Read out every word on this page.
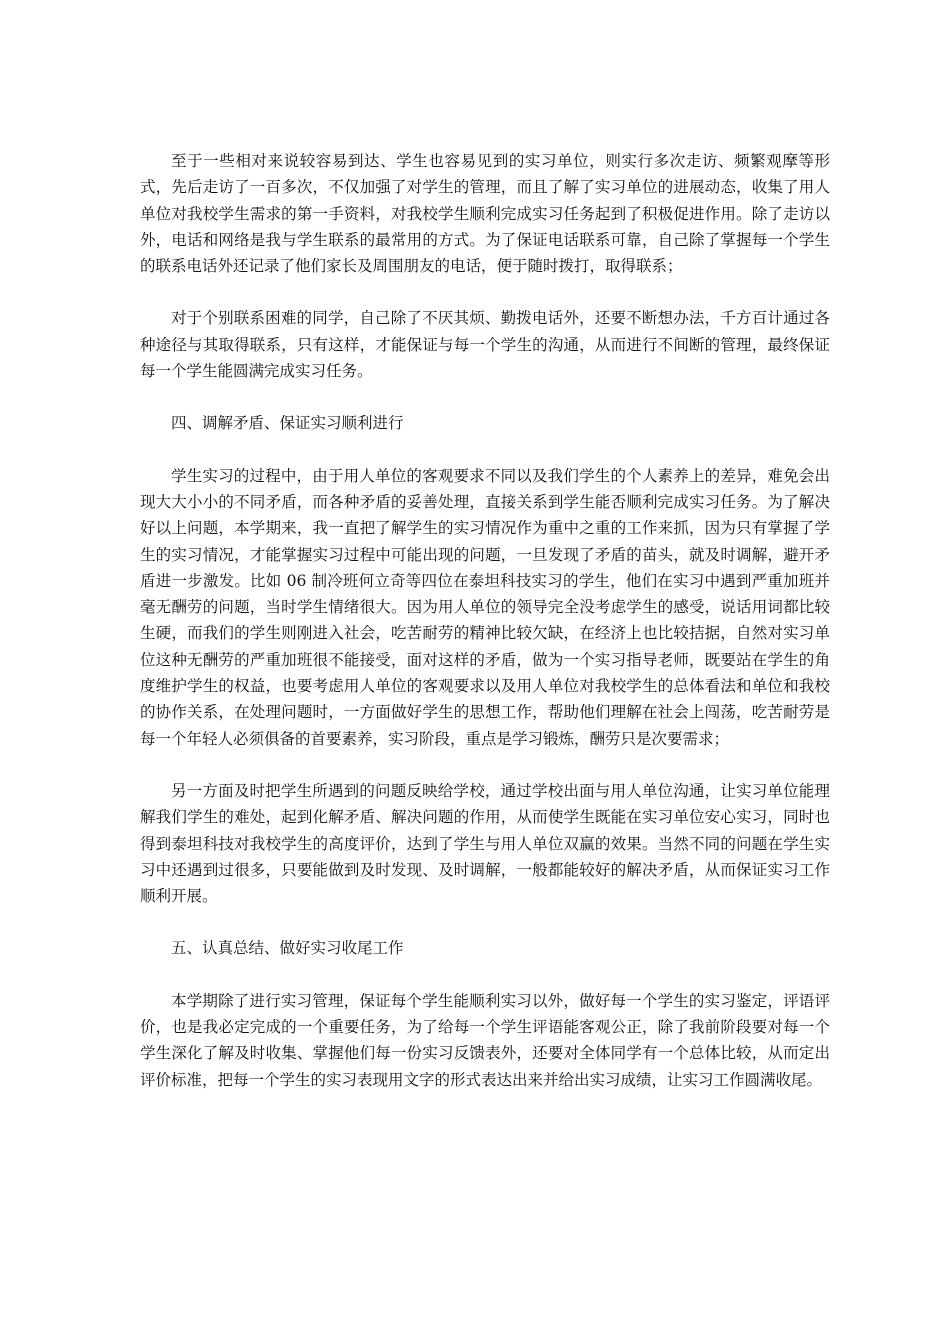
至于一些相对来说较容易到达、学生也容易见到的实习单位，则实行多次走访、频繁观摩等形式，先后走访了一百多次，不仅加强了对学生的管理，而且了解了实习单位的进展动态，收集了用人单位对我校学生需求的第一手资料，对我校学生顺利完成实习任务起到了积极促进作用。除了走访以外，电话和网络是我与学生联系的最常用的方式。为了保证电话联系可靠，自己除了掌握每一个学生的联系电话外还记录了他们家长及周围朋友的电话，便于随时拨打，取得联系；

对于个别联系困难的同学，自己除了不厌其烦、勤拨电话外，还要不断想办法，千方百计通过各种途径与其取得联系，只有这样，才能保证与每一个学生的沟通，从而进行不间断的管理，最终保证每一个学生能圆满完成实习任务。

四、调解矛盾、保证实习顺利进行

学生实习的过程中，由于用人单位的客观要求不同以及我们学生的个人素养上的差异，难免会出现大大小小的不同矛盾，而各种矛盾的妥善处理，直接关系到学生能否顺利完成实习任务。为了解决好以上问题，本学期来，我一直把了解学生的实习情况作为重中之重的工作来抓，因为只有掌握了学生的实习情况，才能掌握实习过程中可能出现的问题，一旦发现了矛盾的苗头，就及时调解，避开矛盾进一步激发。比如 06 制冷班何立奇等四位在泰坦科技实习的学生，他们在实习中遇到严重加班并毫无酬劳的问题，当时学生情绪很大。因为用人单位的领导完全没考虑学生的感受，说话用词都比较生硬，而我们的学生则刚进入社会，吃苦耐劳的精神比较欠缺，在经济上也比较拮据，自然对实习单位这种无酬劳的严重加班很不能接受，面对这样的矛盾，做为一个实习指导老师，既要站在学生的角度维护学生的权益，也要考虑用人单位的客观要求以及用人单位对我校学生的总体看法和单位和我校的协作关系，在处理问题时，一方面做好学生的思想工作，帮助他们理解在社会上闯荡，吃苦耐劳是每一个年轻人必须俱备的首要素养，实习阶段，重点是学习锻炼，酬劳只是次要需求；

另一方面及时把学生所遇到的问题反映给学校，通过学校出面与用人单位沟通，让实习单位能理解我们学生的难处，起到化解矛盾、解决问题的作用，从而使学生既能在实习单位安心实习，同时也得到泰坦科技对我校学生的高度评价，达到了学生与用人单位双赢的效果。当然不同的问题在学生实习中还遇到过很多，只要能做到及时发现、及时调解，一般都能较好的解决矛盾，从而保证实习工作顺利开展。

五、认真总结、做好实习收尾工作

本学期除了进行实习管理，保证每个学生能顺利实习以外，做好每一个学生的实习鉴定，评语评价，也是我必定完成的一个重要任务，为了给每一个学生评语能客观公正，除了我前阶段要对每一个学生深化了解及时收集、掌握他们每一份实习反馈表外，还要对全体同学有一个总体比较，从而定出评价标准，把每一个学生的实习表现用文字的形式表达出来并给出实习成绩，让实习工作圆满收尾。
